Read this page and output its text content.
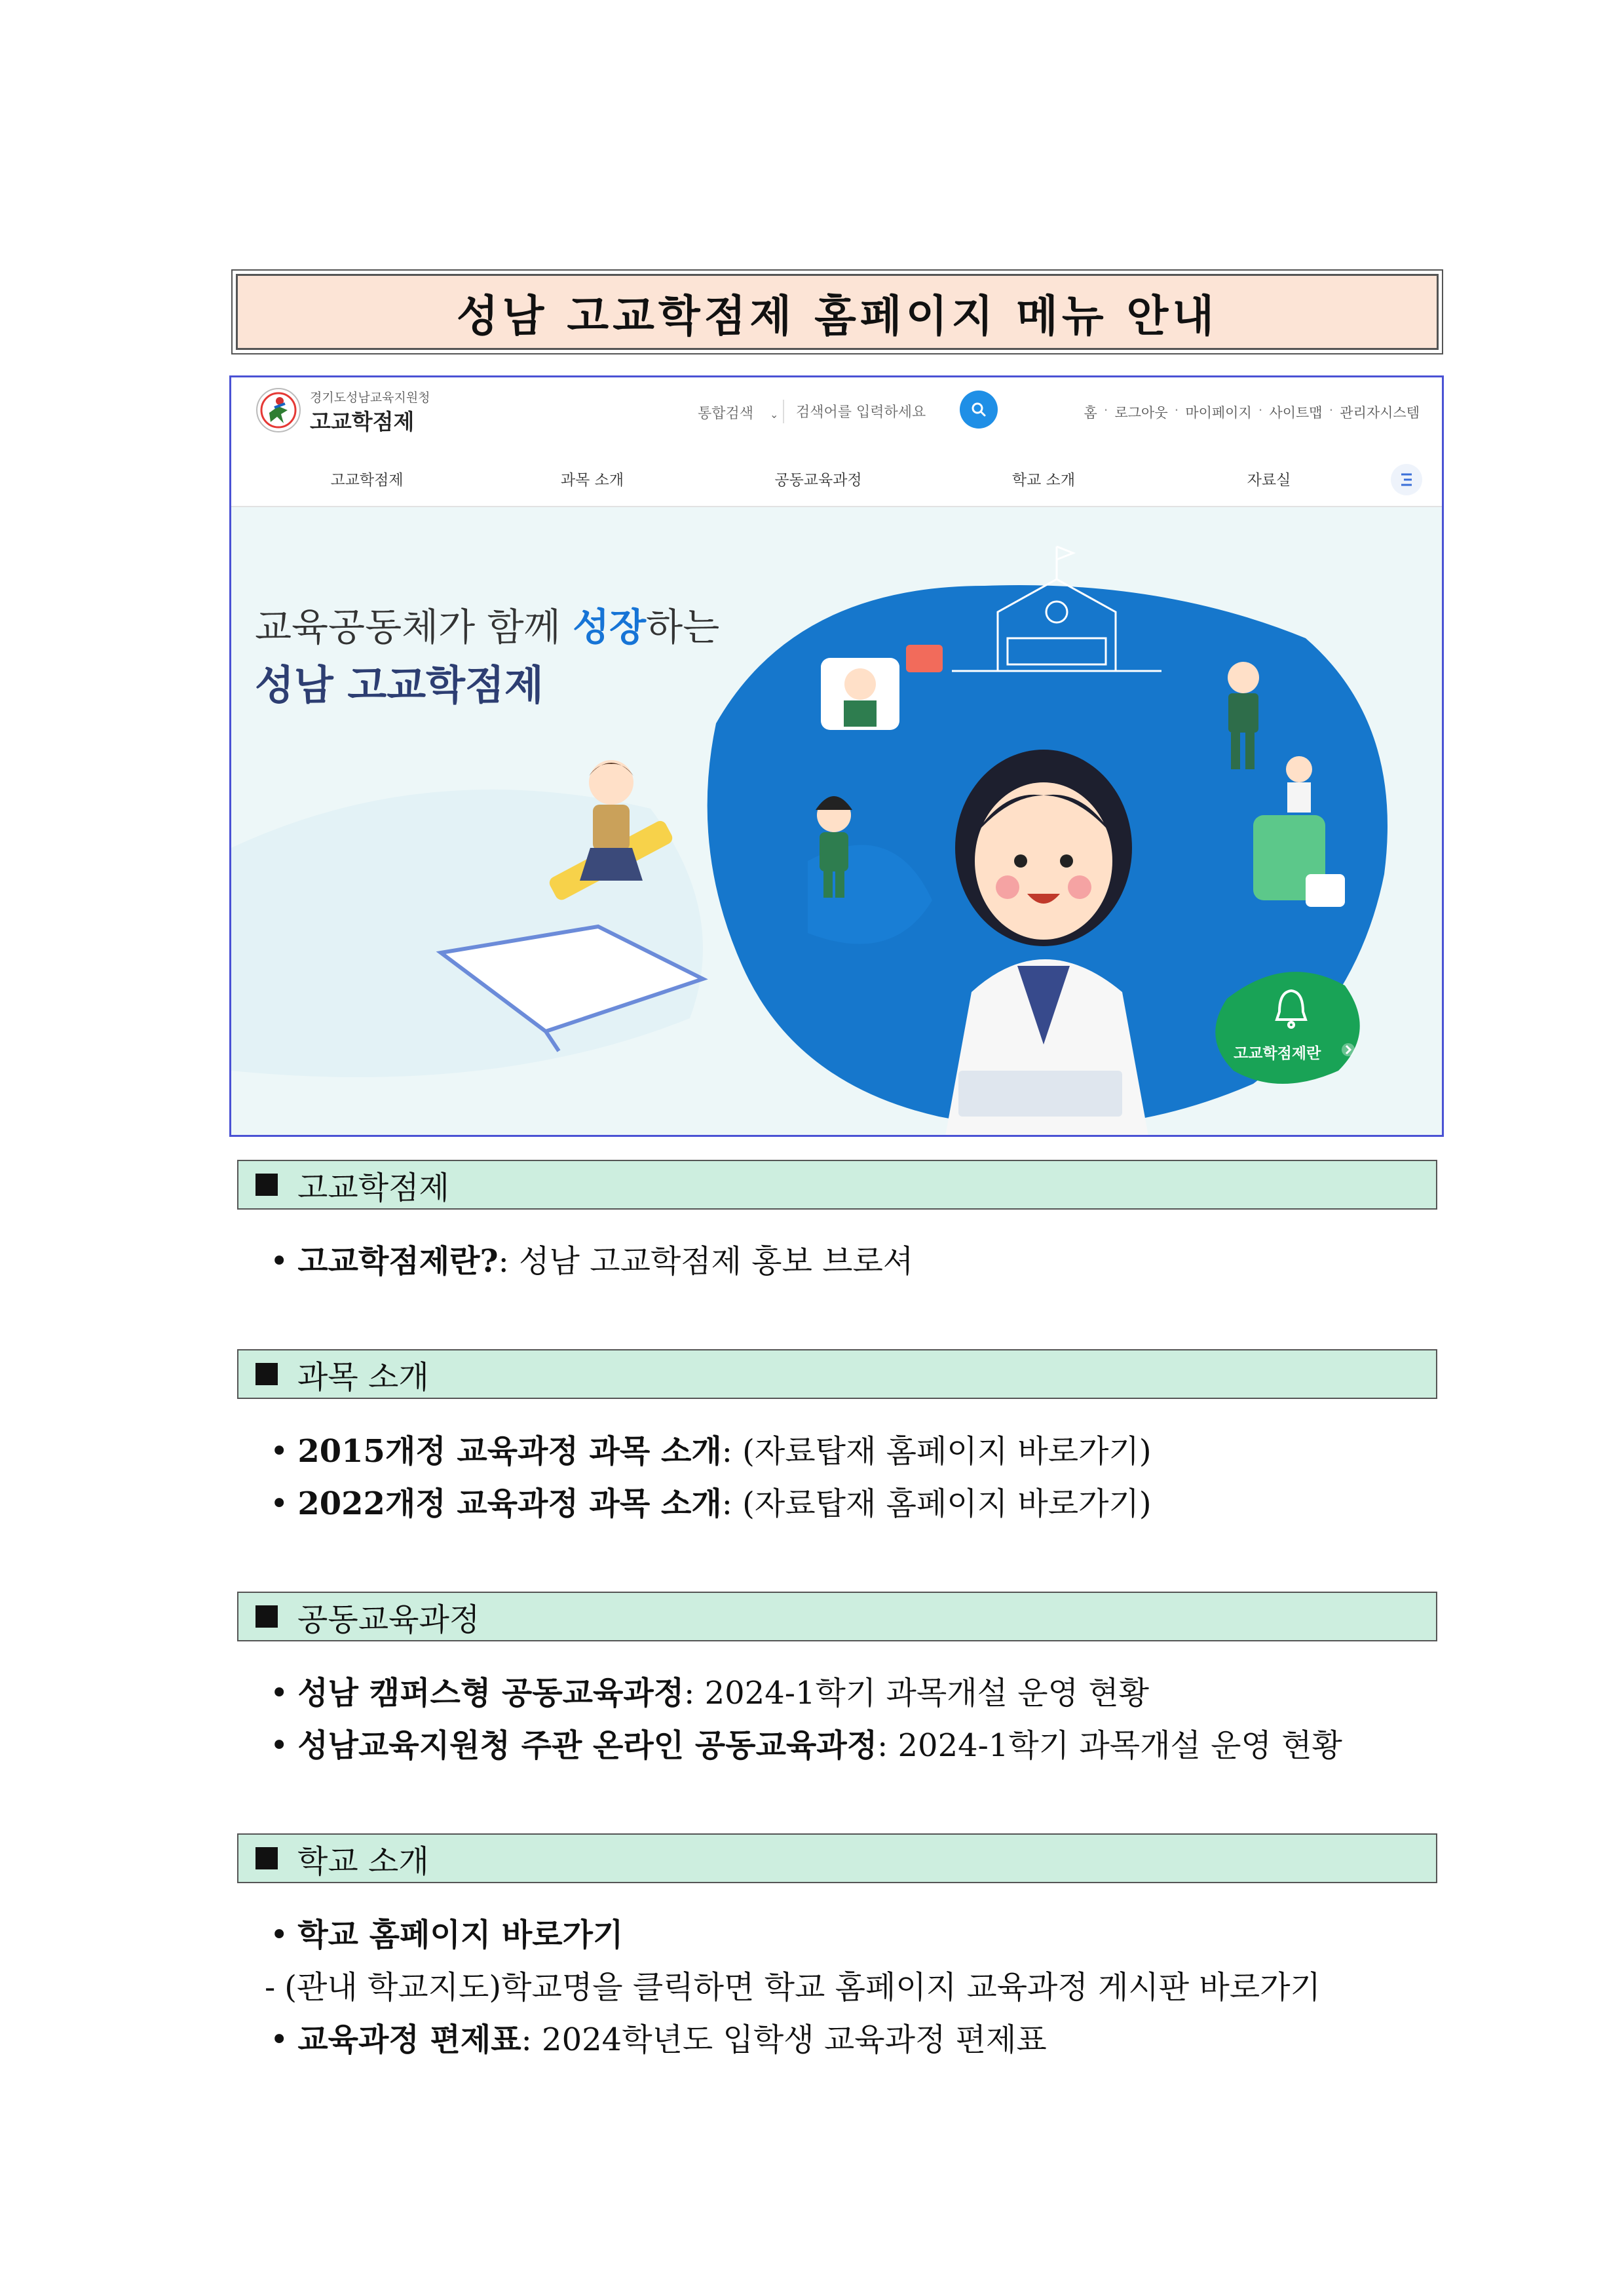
성남 고교학점제 홈페이지 메뉴 안내
경기도성남교육지원청
고교학점제	통합검색 ⌄
검색어를 입력하세요	홈 · 로그아웃 · 마이페이지 · 사이트맵 · 관리자시스템
고교학점제	과목 소개	공동교육과정	학교 소개	자료실
교육공동체가 함께 성장하는
성남 고교학점제
고교학점제란
고교학점제
• 고교학점제란?: 성남 고교학점제 홍보 브로셔
과목 소개
• 2015개정 교육과정 과목 소개: (자료탑재 홈페이지 바로가기)
• 2022개정 교육과정 과목 소개: (자료탑재 홈페이지 바로가기)
공동교육과정
• 성남 캠퍼스형 공동교육과정: 2024-1학기 과목개설 운영 현황
• 성남교육지원청 주관 온라인 공동교육과정: 2024-1학기 과목개설 운영 현황
학교 소개
• 학교 홈페이지 바로가기
- (관내 학교지도)학교명을 클릭하면 학교 홈페이지 교육과정 게시판 바로가기
• 교육과정 편제표: 2024학년도 입학생 교육과정 편제표
